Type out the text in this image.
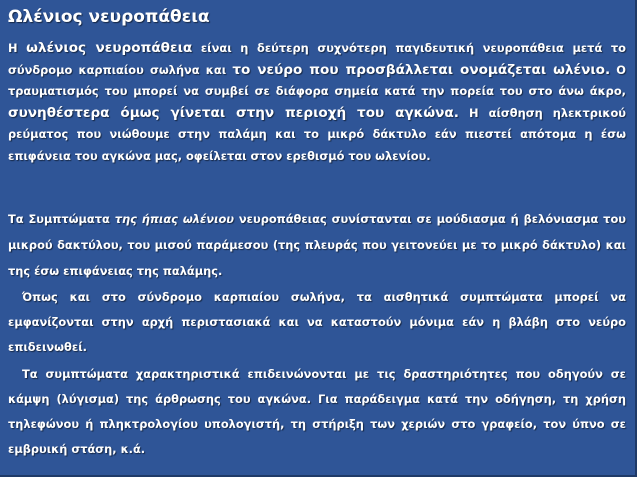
Ωλένιος νευροπάθεια
Η ωλένιος νευροπάθεια είναι η δεύτερη συχνότερη παγιδευτική νευροπάθεια μετά το σύνδρομο καρπιαίου σωλήνα και το νεύρο που προσβάλλεται ονομάζεται ωλένιο. Ο τραυματισμός του μπορεί να συμβεί σε διάφορα σημεία κατά την πορεία του στο άνω άκρο, συνηθέστερα όμως γίνεται στην περιοχή του αγκώνα. Η αίσθηση ηλεκτρικού ρεύματος που νιώθουμε στην παλάμη και το μικρό δάκτυλο εάν πιεστεί απότομα η έσω επιφάνεια του αγκώνα μας, οφείλεται στον ερεθισμό του ωλενίου.
Τα Συμπτώματα της ήπιας ωλένιου νευροπάθειας συνίστανται σε μούδιασμα ή βελόνιασμα του μικρού δακτύλου, του μισού παράμεσου (της πλευράς που γειτονεύει με το μικρό δάκτυλο) και της έσω επιφάνειας της παλάμης.
Όπως και στο σύνδρομο καρπιαίου σωλήνα, τα αισθητικά συμπτώματα μπορεί να εμφανίζονται στην αρχή περιστασιακά και να καταστούν μόνιμα εάν η βλάβη στο νεύρο επιδεινωθεί.
Τα συμπτώματα χαρακτηριστικά επιδεινώνονται με τις δραστηριότητες που οδηγούν σε κάμψη (λύγισμα) της άρθρωσης του αγκώνα. Για παράδειγμα κατά την οδήγηση, τη χρήση τηλεφώνου ή πληκτρολογίου υπολογιστή, τη στήριξη των χεριών στο γραφείο, τον ύπνο σε εμβρυική στάση, κ.ά.
